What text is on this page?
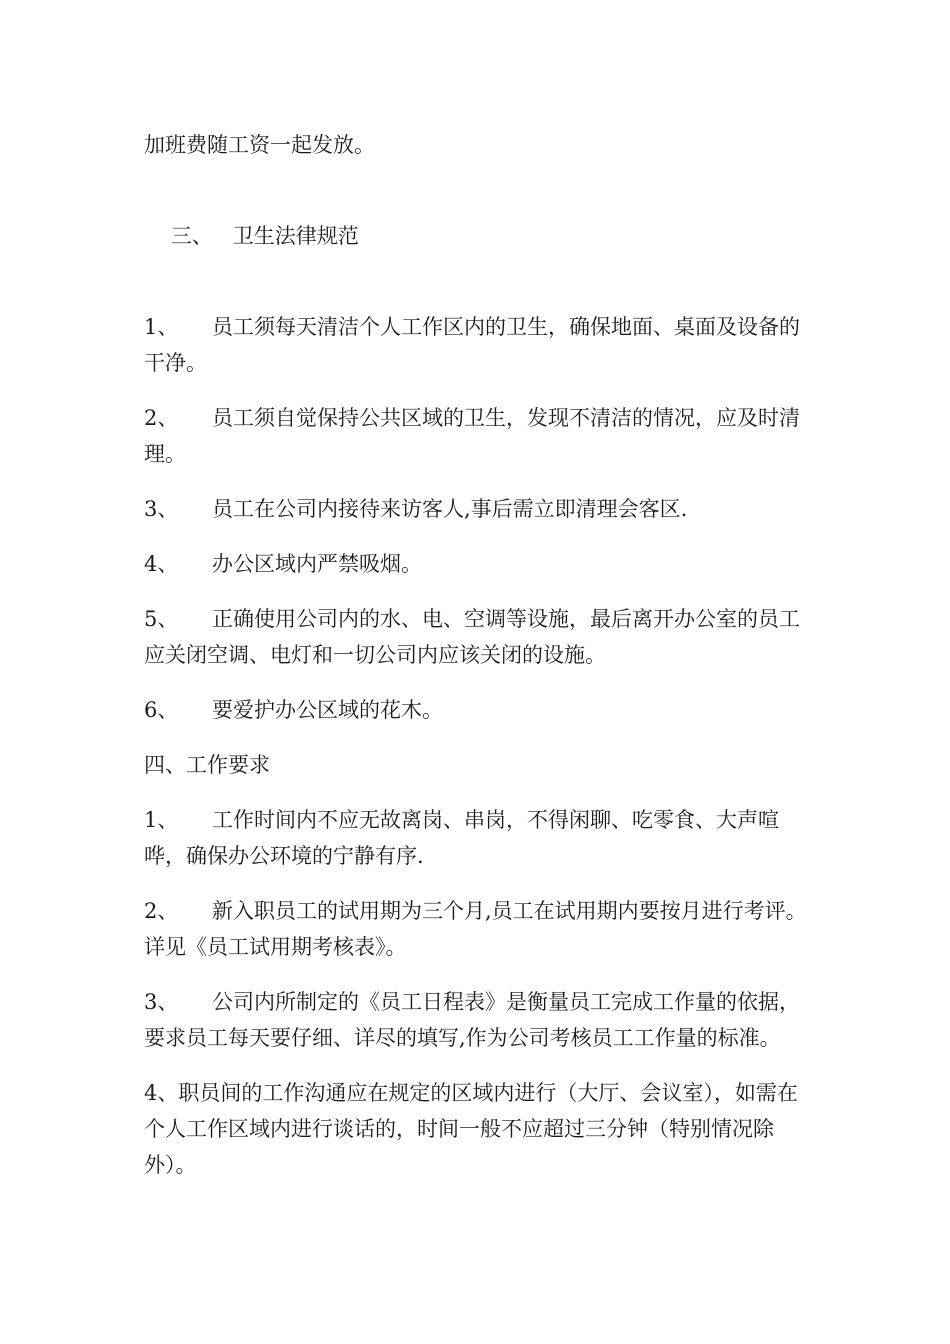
加班费随工资一起发放。

三、 卫生法律规范

1、 员工须每天清洁个人工作区内的卫生，确保地面、桌面及设备的干净。

2、 员工须自觉保持公共区域的卫生，发现不清洁的情况，应及时清理。

3、 员工在公司内接待来访客人,事后需立即清理会客区.

4、 办公区域内严禁吸烟。

5、 正确使用公司内的水、电、空调等设施，最后离开办公室的员工应关闭空调、电灯和一切公司内应该关闭的设施。

6、 要爱护办公区域的花木。

四、工作要求

1、 工作时间内不应无故离岗、串岗，不得闲聊、吃零食、大声喧哗，确保办公环境的宁静有序.

2、 新入职员工的试用期为三个月,员工在试用期内要按月进行考评。详见《员工试用期考核表》。

3、 公司内所制定的《员工日程表》是衡量员工完成工作量的依据，要求员工每天要仔细、详尽的填写,作为公司考核员工工作量的标准。

4、职员间的工作沟通应在规定的区域内进行（大厅、会议室），如需在个人工作区域内进行谈话的，时间一般不应超过三分钟（特别情况除外）。
